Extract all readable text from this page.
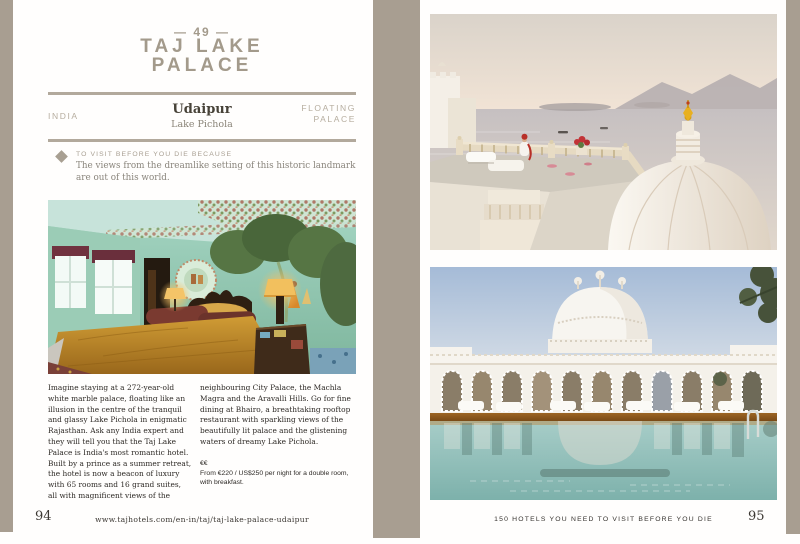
— 49 —
TAJ LAKE PALACE
INDIA	Udaipur
Lake Pichola
FLOATING PALACE
TO VISIT BEFORE YOU DIE BECAUSE
The views from the dreamlike setting of this historic landmark are out of this world.
Imagine staying at a 272-year-old white marble palace, floating like an illusion in the centre of the tranquil and glassy Lake Pichola in enigmatic Rajasthan. Ask any India expert and they will tell you that the Taj Lake Palace is India's most romantic hotel. Built by a prince as a summer retreat, the hotel is now a beacon of luxury with 65 rooms and 16 grand suites, all with magnificent views of the
neighbouring City Palace, the Machla Magra and the Aravalli Hills. Go for fine dining at Bhairo, a breathtaking rooftop restaurant with sparkling views of the beautifully lit palace and the glistening waters of dreamy Lake Pichola.
€€
From €220 / US$250 per night for a double room, with breakfast.
94	www.tajhotels.com/en-in/taj/taj-lake-palace-udaipur	150 HOTELS YOU NEED TO VISIT BEFORE YOU DIE	95
